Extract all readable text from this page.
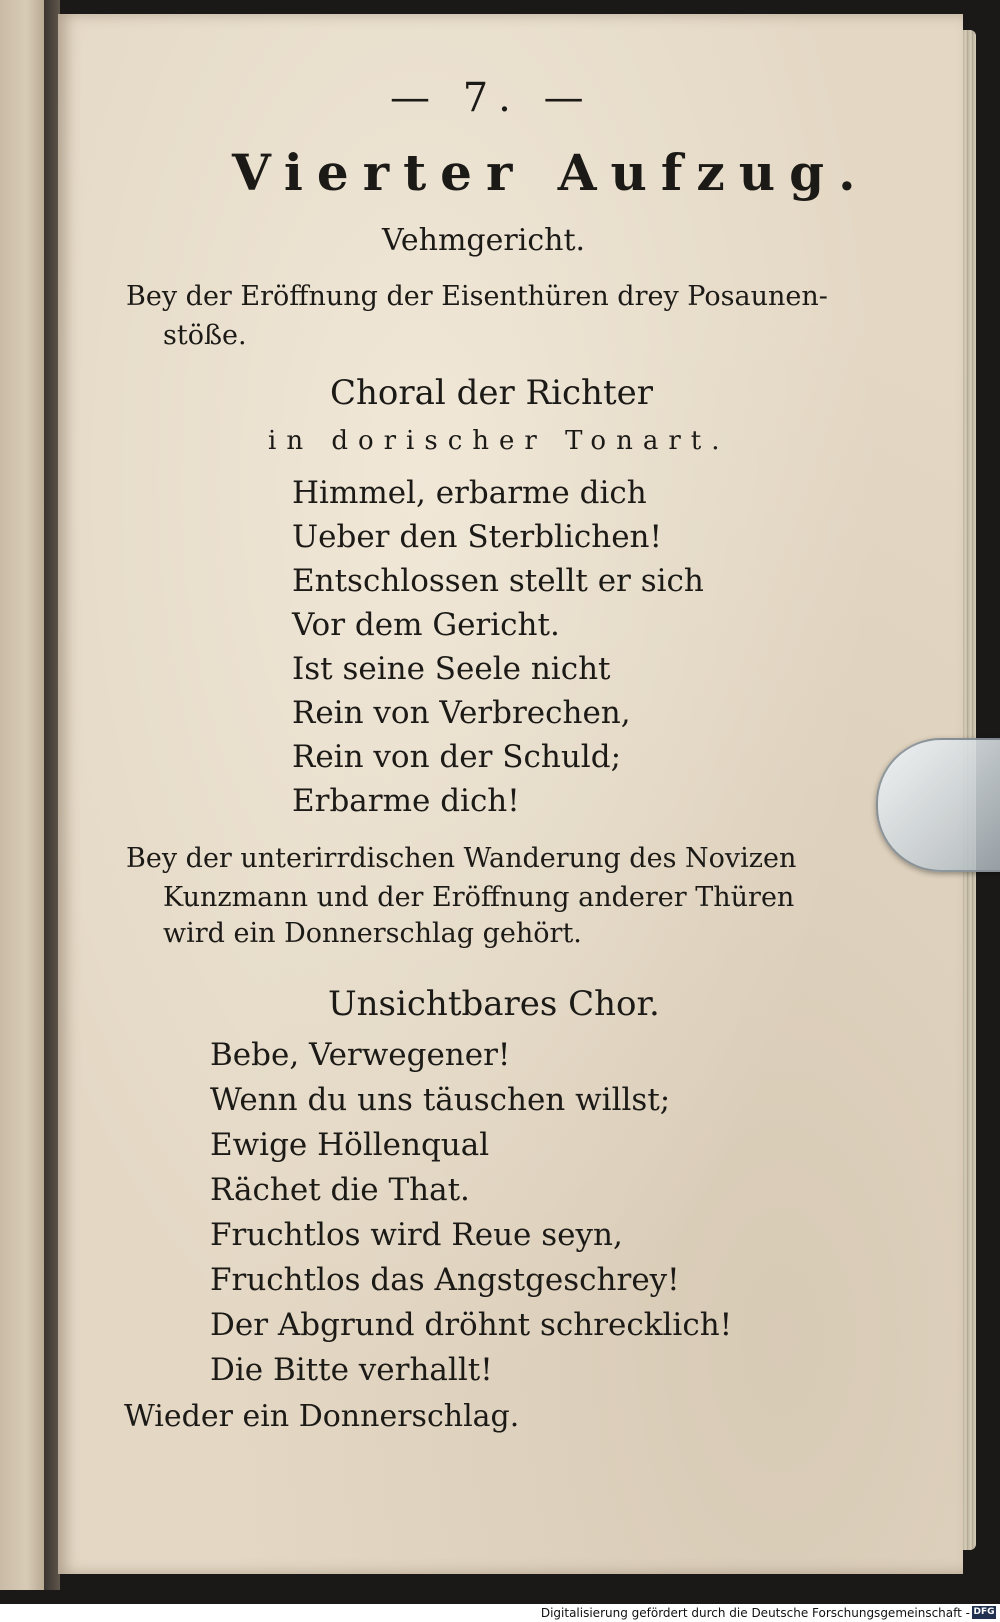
— 7. —

Vierter Aufzug.

Vehmgericht.

Bey der Eröffnung der Eisenthüren drey Posaunen-

stöße.

Choral der Richter

in dorischer Tonart.

Himmel, erbarme dich

Ueber den Sterblichen!

Entschlossen stellt er sich

Vor dem Gericht.

Ist seine Seele nicht

Rein von Verbrechen,

Rein von der Schuld;

Erbarme dich!

Bey der unterirrdischen Wanderung des Novizen

Kunzmann und der Eröffnung anderer Thüren

wird ein Donnerschlag gehört.

Unsichtbares Chor.

Bebe, Verwegener!

Wenn du uns täuschen willst;

Ewige Höllenqual

Rächet die That.

Fruchtlos wird Reue seyn,

Fruchtlos das Angstgeschrey!

Der Abgrund dröhnt schrecklich!

Die Bitte verhallt!

Wieder ein Donnerschlag.

Digitalisierung gefördert durch die Deutsche Forschungsgemeinschaft - DFG
